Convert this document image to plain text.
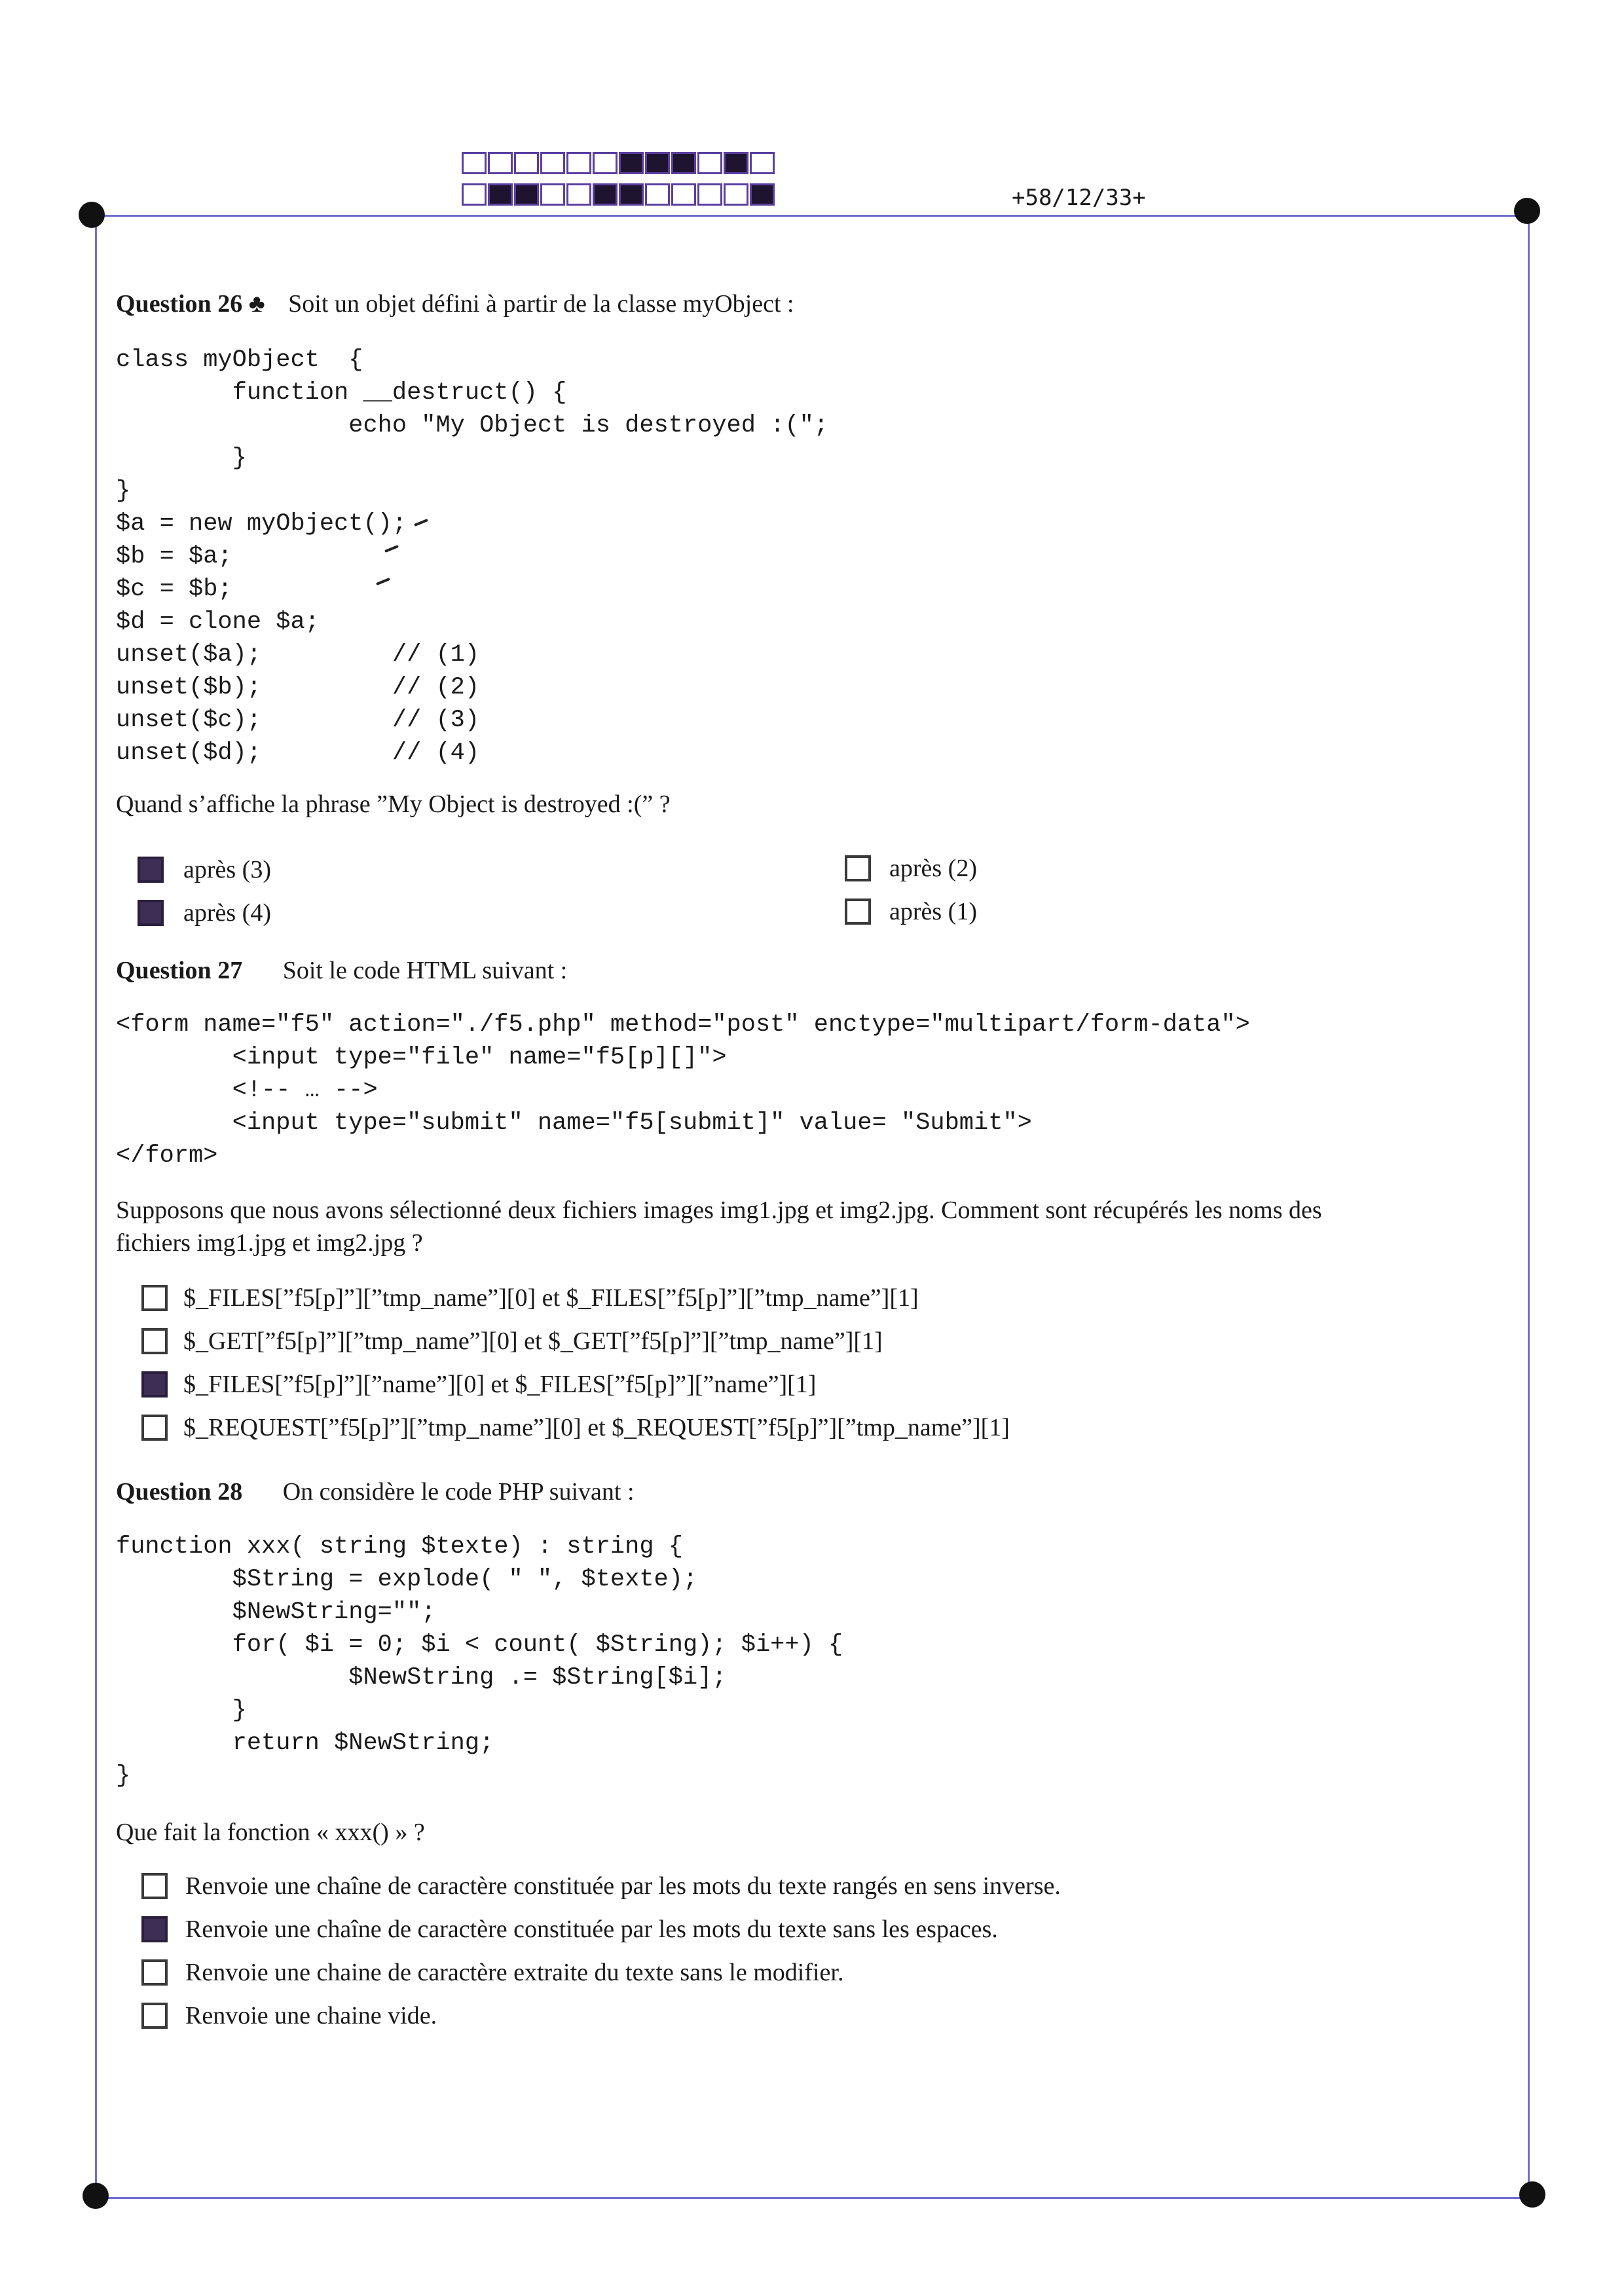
+58/12/33+
Question 26 ♣ Soit un objet défini à partir de la classe myObject :
class myObject  {
function __destruct() {
echo "My Object is destroyed :(";
}
}
$a = new myObject();
$b = $a;
$c = $b;
$d = clone $a;
unset($a);         // (1)
unset($b);         // (2)
unset($c);         // (3)
unset($d);         // (4)
Quand s’affiche la phrase ”My Object is destroyed :(” ?
après (3)
après (4)
après (2)
après (1)
Question 27 Soit le code HTML suivant :
<form name="f5" action="./f5.php" method="post" enctype="multipart/form-data">
<input type="file" name="f5[p][]">
<!-- … -->
<input type="submit" name="f5[submit]" value= "Submit">
</form>
Supposons que nous avons sélectionné deux fichiers images img1.jpg et img2.jpg. Comment sont récupérés les noms des
fichiers img1.jpg et img2.jpg ?
$_FILES[”f5[p]”][”tmp_name”][0] et $_FILES[”f5[p]”][”tmp_name”][1]
$_GET[”f5[p]”][”tmp_name”][0] et $_GET[”f5[p]”][”tmp_name”][1]
$_FILES[”f5[p]”][”name”][0] et $_FILES[”f5[p]”][”name”][1]
$_REQUEST[”f5[p]”][”tmp_name”][0] et $_REQUEST[”f5[p]”][”tmp_name”][1]
Question 28 On considère le code PHP suivant :
function xxx( string $texte) : string {
$String = explode( " ", $texte);
$NewString="";
for( $i = 0; $i < count( $String); $i++) {
$NewString .= $String[$i];
}
return $NewString;
}
Que fait la fonction « xxx() » ?
Renvoie une chaîne de caractère constituée par les mots du texte rangés en sens inverse.
Renvoie une chaîne de caractère constituée par les mots du texte sans les espaces.
Renvoie une chaine de caractère extraite du texte sans le modifier.
Renvoie une chaine vide.
